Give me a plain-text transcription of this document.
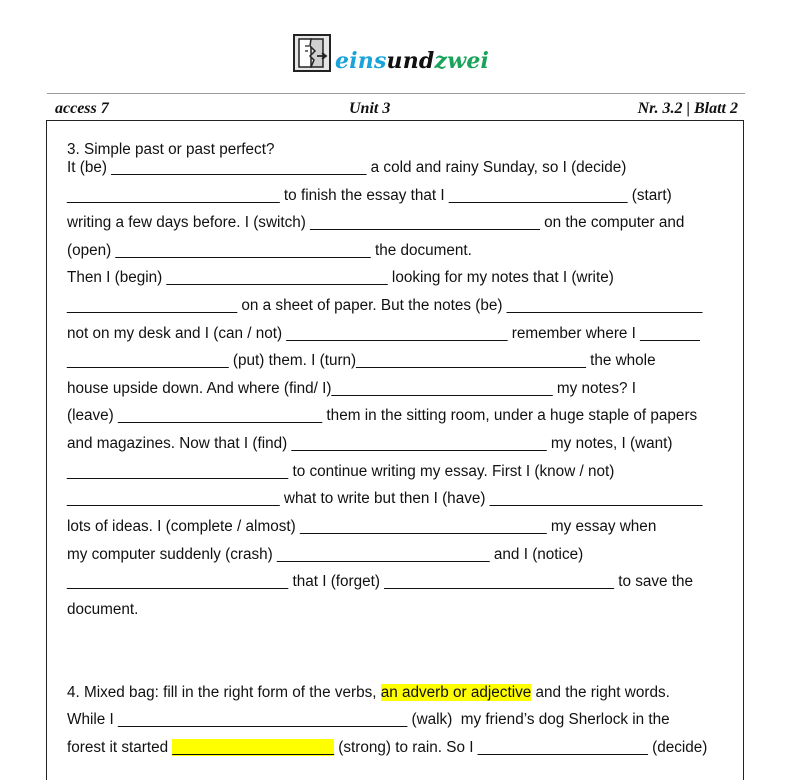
einsundzwei
access 7	Unit 3	Nr. 3.2 | Blatt 2
3. Simple past or past perfect?
It (be) ______________________________ a cold and rainy Sunday, so I (decide)
_________________________ to finish the essay that I _____________________ (start)
writing a few days before. I (switch) ___________________________ on the computer and
(open) ______________________________ the document.
Then I (begin) __________________________ looking for my notes that I (write)
____________________ on a sheet of paper. But the notes (be) _______________________
not on my desk and I (can / not) __________________________ remember where I _______
___________________ (put) them. I (turn)___________________________ the whole
house upside down. And where (find/ I)__________________________ my notes? I
(leave) ________________________ them in the sitting room, under a huge staple of papers
and magazines. Now that I (find) ______________________________ my notes, I (want)
__________________________ to continue writing my essay. First I (know / not)
_________________________ what to write but then I (have) _________________________
lots of ideas. I (complete / almost) _____________________________ my essay when
my computer suddenly (crash) _________________________ and I (notice)
__________________________ that I (forget) ___________________________ to save the
document.
4. Mixed bag: fill in the right form of the verbs, an adverb or adjective and the right words.
While I __________________________________ (walk)  my friend’s dog Sherlock in the
forest it started ___________________ (strong) to rain. So I ____________________ (decide)
